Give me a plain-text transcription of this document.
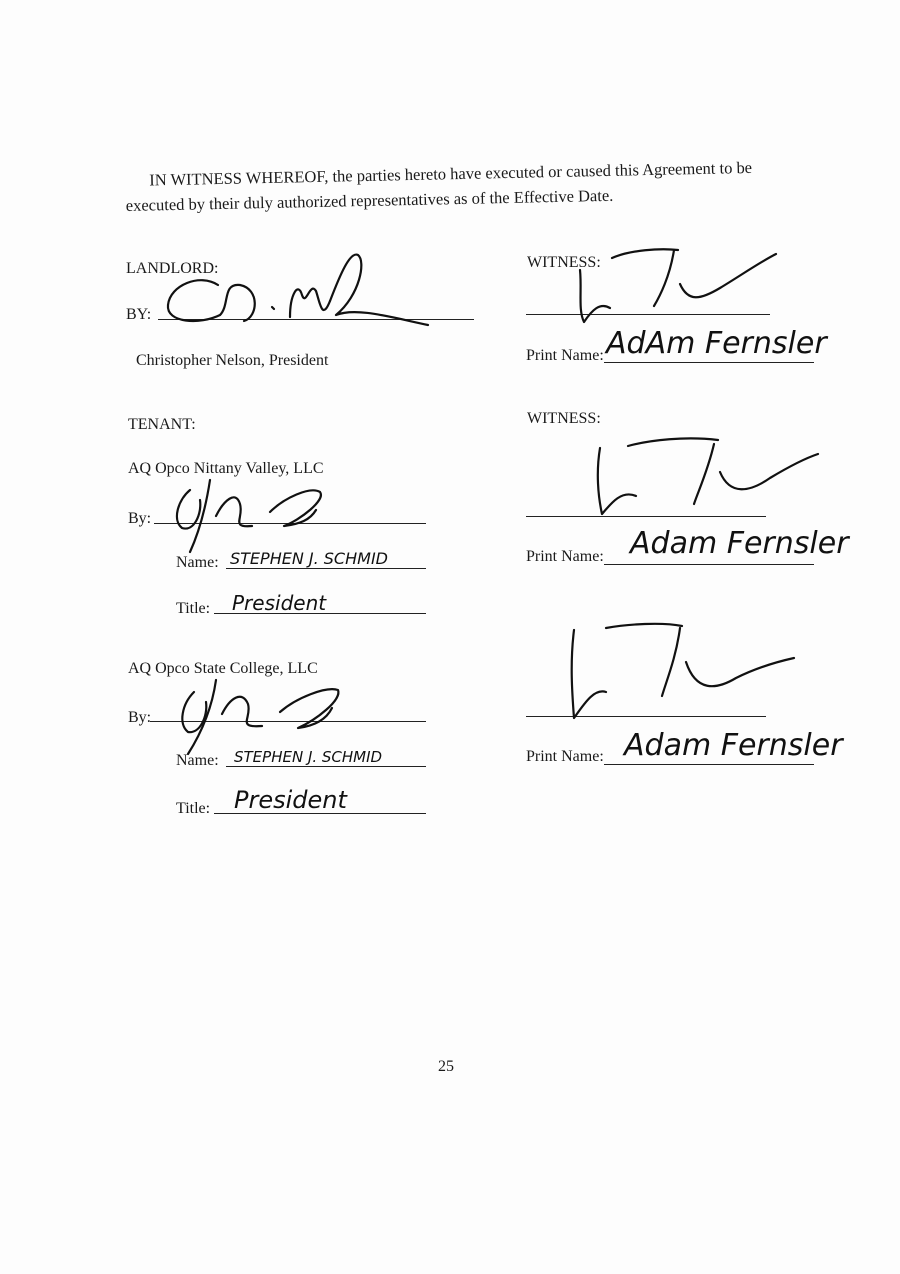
IN WITNESS WHEREOF, the parties hereto have executed or caused this Agreement to be

executed by their duly authorized representatives as of the Effective Date.

LANDLORD:
BY:
Christopher Nelson, President
WITNESS:
Print Name: AdAm Fernsler
TENANT:	WITNESS:
Print Name: Adam Fernsler
AQ Opco Nittany Valley, LLC
By:
Name: STEPHEN J. SCHMID
Title: President
Print Name: Adam Fernsler
AQ Opco State College, LLC
By:
Name: STEPHEN J. SCHMID
Title: President
25
